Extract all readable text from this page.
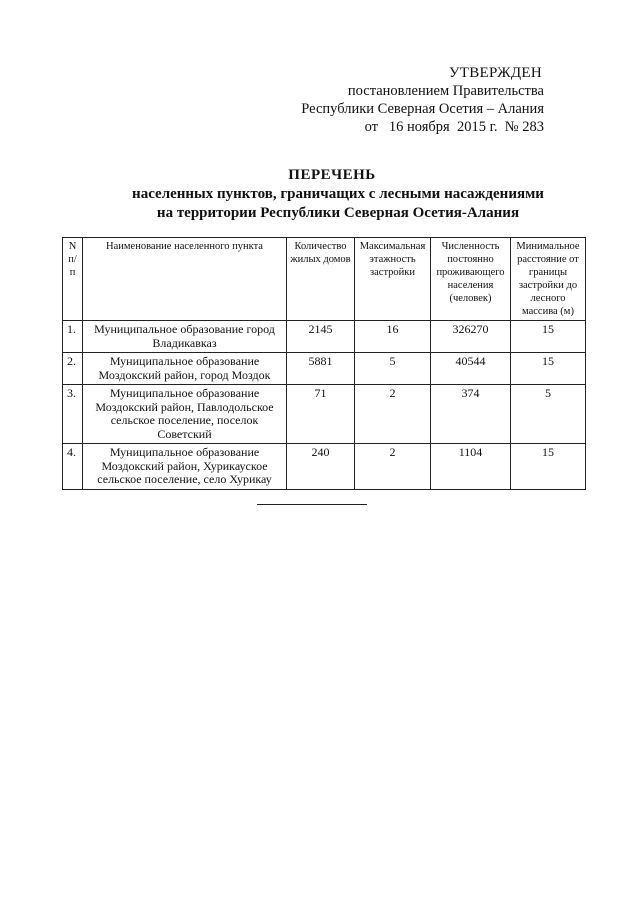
УТВЕРЖДЕН
постановлением Правительства
Республики Северная Осетия – Алания
от   16 ноября  2015 г.  № 283
ПЕРЕЧЕНЬ
населенных пунктов, граничащих с лесными насаждениями
на территории Республики Северная Осетия-Алания
N п/ п	Наименование населенного пункта	Количество жилых домов	Максимальная этажность застройки	Численность постоянно проживающего населения (человек)	Минимальное расстояние от границы застройки до лесного массива (м)
1.	Муниципальное образование город Владикавказ	2145	16	326270	15
2.	Муниципальное образование Моздокский район, город Моздок	5881	5	40544	15
3.	Муниципальное образование Моздокский район, Павлодольское сельское поселение, поселок Советский	71	2	374	5
4.	Муниципальное образование Моздокский район, Хурикауское сельское поселение, село Хурикау	240	2	1104	15
